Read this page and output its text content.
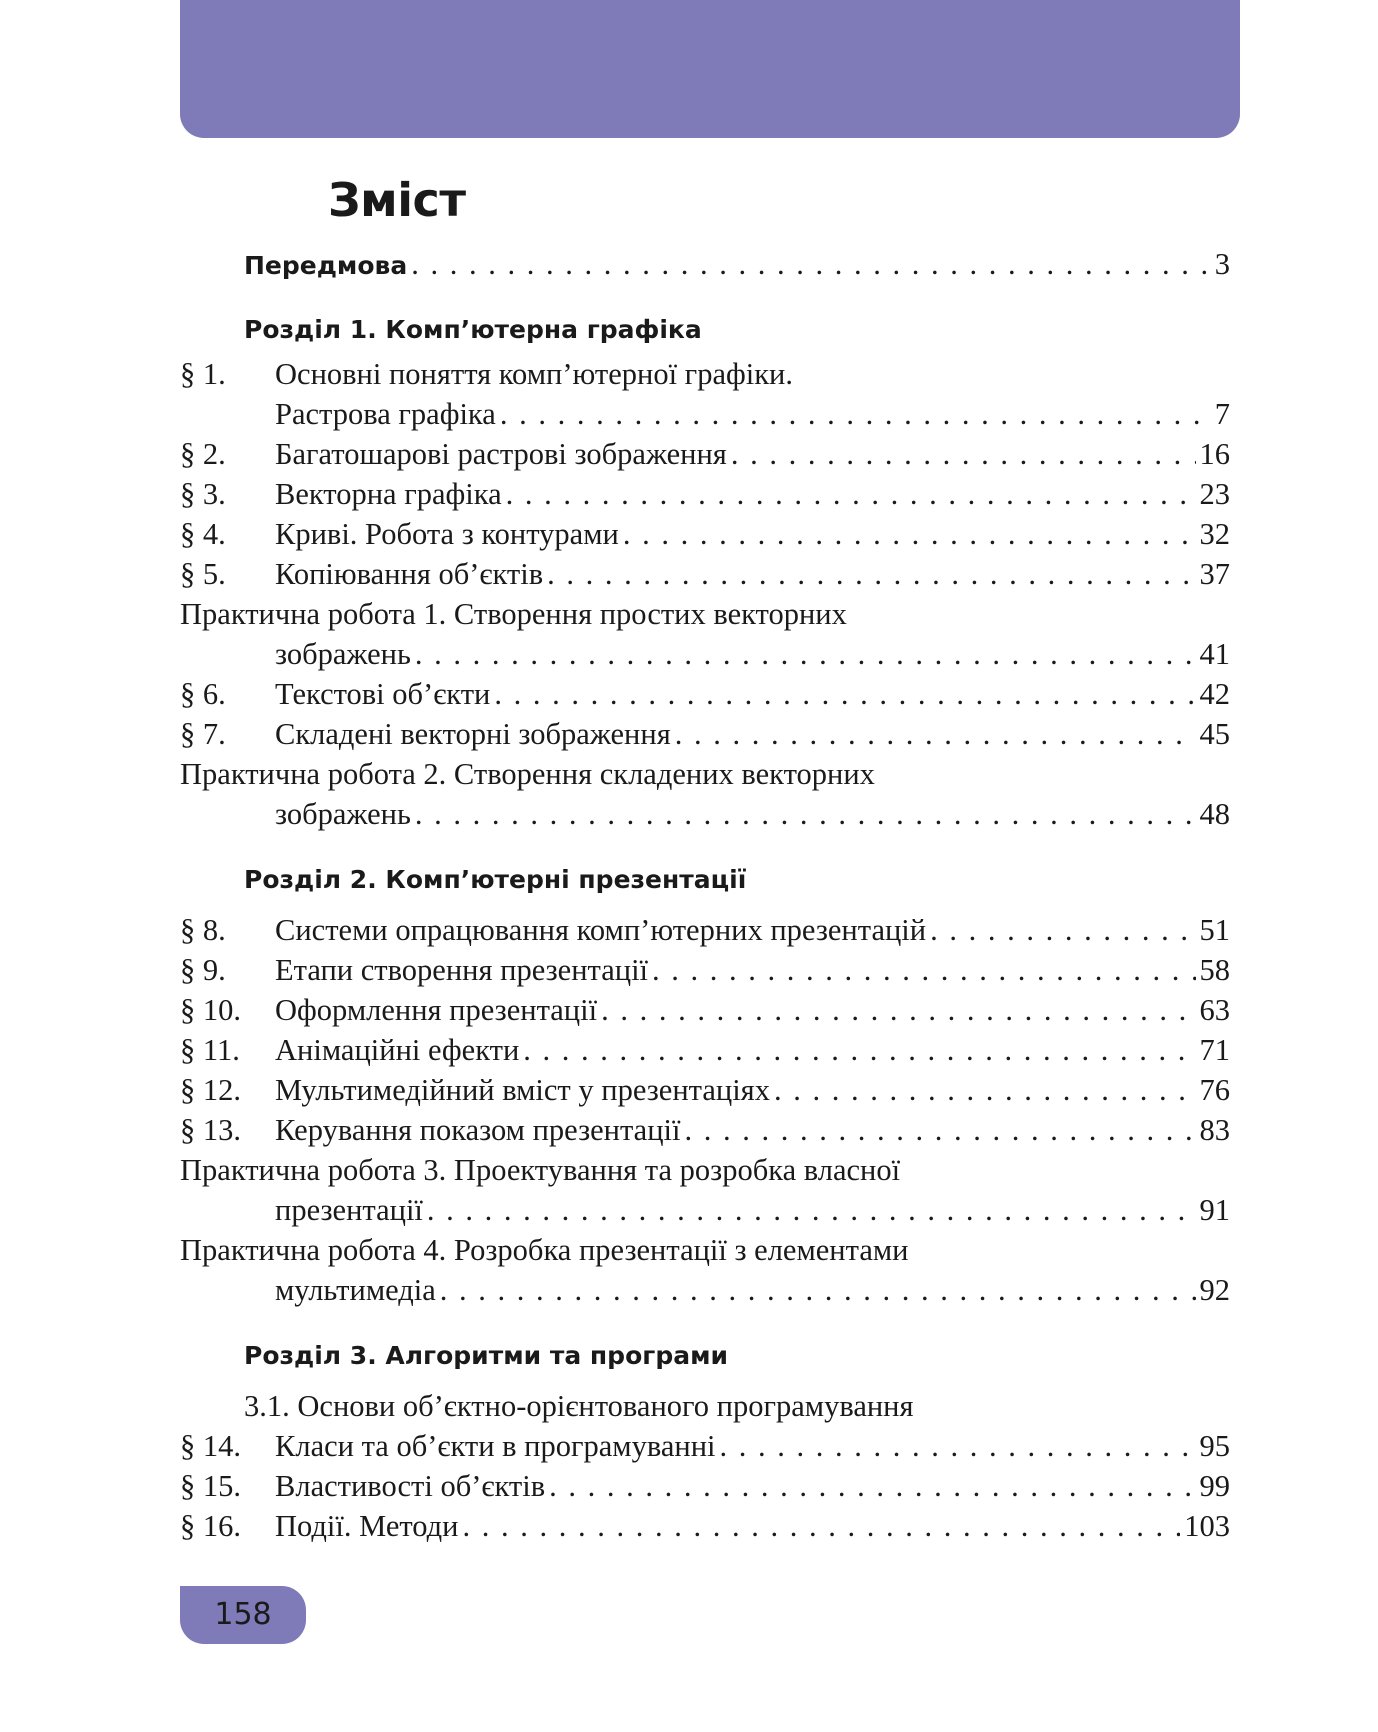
Зміст
Передмова . . .	3
Розділ 1. Комп’ютерна графіка
§ 1.	Основні поняття комп’ютерної графіки.
Растрова графіка . . .	7
§ 2.	Багатошарові растрові зображення . . .	16
§ 3.	Векторна графіка . . .	23
§ 4.	Криві. Робота з контурами . . .	32
§ 5.	Копіювання об’єктів . . .	37
Практична робота 1. Створення простих векторних
зображень . . .	41
§ 6.	Текстові об’єкти . . .	42
§ 7.	Складені векторні зображення . . .	45
Практична робота 2. Створення складених векторних
зображень . . .	48
Розділ 2. Комп’ютерні презентації
§ 8.	Системи опрацювання комп’ютерних презентацій . . .	51
§ 9.	Етапи створення презентації . . .	58
§ 10.	Оформлення презентації . . .	63
§ 11.	Анімаційні ефекти . . .	71
§ 12.	Мультимедійний вміст у презентаціях . . .	76
§ 13.	Керування показом презентації . . .	83
Практична робота 3. Проектування та розробка власної
презентації . . .	91
Практична робота 4. Розробка презентації з елементами
мультимедіа . . .	92
Розділ 3. Алгоритми та програми
3.1. Основи об’єктно-орієнтованого програмування
§ 14.	Класи та об’єкти в програмуванні . . .	95
§ 15.	Властивості об’єктів . . .	99
§ 16.	Події. Методи . . .	103
158
